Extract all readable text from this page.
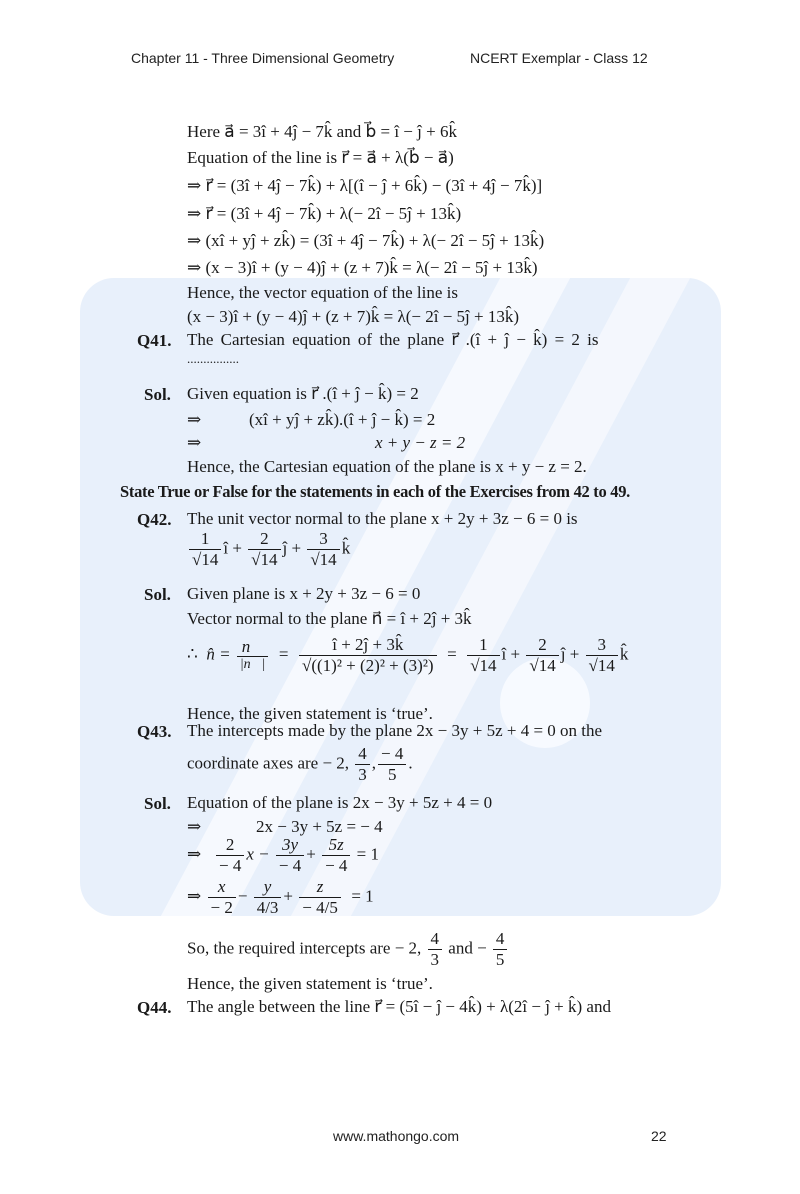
Chapter 11 - Three Dimensional Geometry	NCERT Exemplar - Class 12
Here a⃗ = 3î + 4ĵ − 7k̂ and b⃗ = î − ĵ + 6k̂
Equation of the line is r⃗ = a⃗ + λ(b⃗ − a⃗)
⇒ r⃗ = (3î + 4ĵ − 7k̂) + λ[(î − ĵ + 6k̂) − (3î + 4ĵ − 7k̂)]
⇒ r⃗ = (3î + 4ĵ − 7k̂) + λ(− 2î − 5ĵ + 13k̂)
⇒ (xî + yĵ + zk̂) = (3î + 4ĵ − 7k̂) + λ(− 2î − 5ĵ + 13k̂)
⇒ (x − 3)î + (y − 4)ĵ + (z + 7)k̂ = λ(− 2î − 5ĵ + 13k̂)
Hence, the vector equation of the line is
(x − 3)î + (y − 4)ĵ + (z + 7)k̂ = λ(− 2î − 5ĵ + 13k̂)
Q41. The Cartesian equation of the plane r⃗ .(î + ĵ − k̂) = 2 is
................
Sol. Given equation is r⃗ .(î + ĵ − k̂) = 2
⇒	(xî + yĵ + zk̂).(î + ĵ − k̂) = 2
⇒	x + y − z = 2
Hence, the Cartesian equation of the plane is x + y − z = 2.
State True or False for the statements in each of the Exercises from 42 to 49.
Q42. The unit vector normal to the plane x + 2y + 3z − 6 = 0 is
$\frac{1}{√14}$ î + $\frac{2}{√14}$ ĵ + $\frac{3}{√14}$ k̂
Sol. Given plane is x + 2y + 3z − 6 = 0
Vector normal to the plane n⃗ = î + 2ĵ + 3k̂
∴ n̂ = $\frac{n⃗}{|n⃗|} = \frac{î + 2ĵ + 3k̂}{\text{√((1)² + (2)² + (3)²)}} = \frac{1}{√14}$ î + $\frac{2}{√14}$ ĵ + $\frac{3}{√14}$ k̂
Hence, the given statement is ‘true’.
Q43. The intercepts made by the plane 2x − 3y + 5z + 4 = 0 on the
coordinate axes are − 2, $\frac{4}{3}$ , $\frac{- 4}{5}$ .
Sol. Equation of the plane is 2x − 3y + 5z + 4 = 0
⇒	2x − 3y + 5z = − 4
⇒ $\frac{2}{- 4}$ $x - \frac{3y}{- 4} + \frac{5z}{- 4} = 1$
⇒ $\frac{x}{- 2} - \frac{y}{4/3} + \frac{z}{- 4/5} = 1$
So, the required intercepts are − 2, $\frac{4}{3}$ and − $\frac{4}{5}$
Hence, the given statement is ‘true’.
Q44. The angle between the line r⃗ = (5î − ĵ − 4k̂) + λ(2î − ĵ + k̂) and
www.mathongo.com	22
